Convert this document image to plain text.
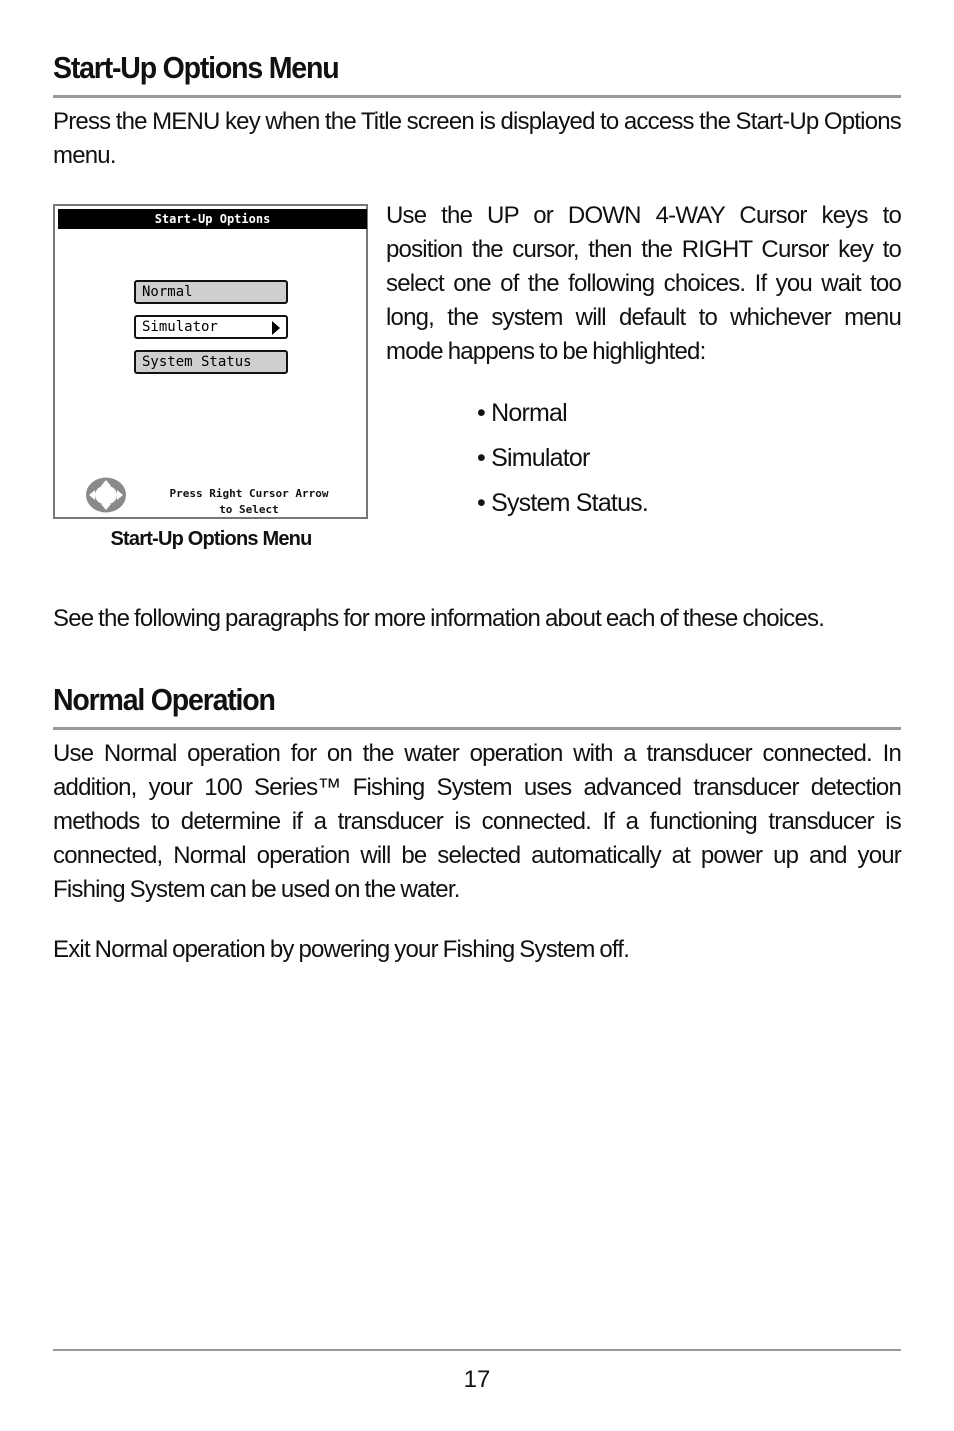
Start-Up Options Menu

Press the MENU key when the Title screen is displayed to access the Start-Up Options menu.

Start-Up Options
Normal
Simulator
System Status
Press Right Cursor Arrow
to Select
Start-Up Options Menu

Use the UP or DOWN 4-WAY Cursor keys to position the cursor, then the RIGHT Cursor key to select one of the following choices. If you wait too long, the system will default to whichever menu mode happens to be highlighted:

• Normal
• Simulator
• System Status.

See the following paragraphs for more information about each of these choices.

Normal Operation

Use Normal operation for on the water operation with a transducer connected. In addition, your 100 Series™ Fishing System uses advanced transducer detection methods to determine if a transducer is connected. If a functioning transducer is connected, Normal operation will be selected automatically at power up and your Fishing System can be used on the water.

Exit Normal operation by powering your Fishing System off.

17
